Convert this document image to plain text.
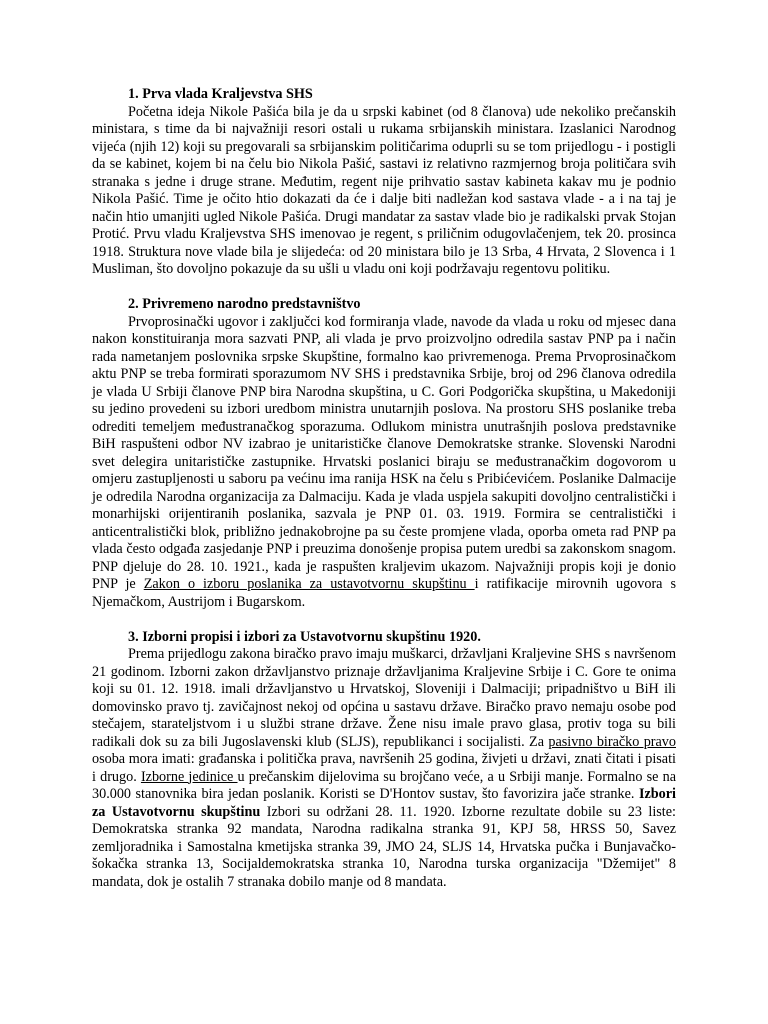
1. Prva vlada Kraljevstva SHS

Početna ideja Nikole Pašića bila je da u srpski kabinet (od 8 članova) ude nekoliko prečanskih ministara, s time da bi najvažniji resori ostali u rukama srbijanskih ministara. Izaslanici Narodnog vijeća (njih 12) koji su pregovarali sa srbijanskim političarima oduprli su se tom prijedlogu - i postigli da se kabinet, kojem bi na čelu bio Nikola Pašić, sastavi iz relativno razmjernog broja političara svih stranaka s jedne i druge strane. Međutim, regent nije prihvatio sastav kabineta kakav mu je podnio Nikola Pašić. Time je očito htio dokazati da će i dalje biti nadležan kod sastava vlade - a i na taj je način htio umanjiti ugled Nikole Pašića. Drugi mandatar za sastav vlade bio je radikalski prvak Stojan Protić. Prvu vladu Kraljevstva SHS imenovao je regent, s priličnim odugovlačenjem, tek 20. prosinca 1918. Struktura nove vlade bila je slijedeća: od 20 ministara bilo je 13 Srba, 4 Hrvata, 2 Slovenca i 1 Musliman, što dovoljno pokazuje da su ušli u vladu oni koji podržavaju regentovu politiku.

2. Privremeno narodno predstavništvo

Prvoprosinački ugovor i zaključci kod formiranja vlade, navode da vlada u roku od mjesec dana nakon konstituiranja mora sazvati PNP, ali vlada je prvo proizvoljno odredila sastav PNP pa i način rada nametanjem poslovnika srpske Skupštine, formalno kao privremenoga. Prema Prvoprosinačkom aktu PNP se treba formirati sporazumom NV SHS i predstavnika Srbije, broj od 296 članova odredila je vlada U Srbiji članove PNP bira Narodna skupština, u C. Gori Podgorička skupština, u Makedoniji su jedino provedeni su izbori uredbom ministra unutarnjih poslova. Na prostoru SHS poslanike treba odrediti temeljem međustranačkog sporazuma. Odlukom ministra unutrašnjih poslova predstavnike BiH raspušteni odbor NV izabrao je unitarističke članove Demokratske stranke. Slovenski Narodni svet delegira unitarističke zastupnike. Hrvatski poslanici biraju se međustranačkim dogovorom u omjeru zastupljenosti u saboru pa većinu ima ranija HSK na čelu s Pribićevićem. Poslanike Dalmacije je odredila Narodna organizacija za Dalmaciju. Kada je vlada uspjela sakupiti dovoljno centralistički i monarhijski orijentiranih poslanika, sazvala je PNP 01. 03. 1919. Formira se centralistički i anticentralistički blok, približno jednakobrojne pa su česte promjene vlada, oporba ometa rad PNP pa vlada često odgađa zasjedanje PNP i preuzima donošenje propisa putem uredbi sa zakonskom snagom. PNP djeluje do 28. 10. 1921., kada je raspušten kraljevim ukazom. Najvažniji propis koji je donio PNP je Zakon o izboru poslanika za ustavotvornu skupštinu i ratifikacije mirovnih ugovora s Njemačkom, Austrijom i Bugarskom.

3. Izborni propisi i izbori za Ustavotvornu skupštinu 1920.

Prema prijedlogu zakona biračko pravo imaju muškarci, državljani Kraljevine SHS s navršenom 21 godinom. Izborni zakon državljanstvo priznaje državljanima Kraljevine Srbije i C. Gore te onima koji su 01. 12. 1918. imali državljanstvo u Hrvatskoj, Sloveniji i Dalmaciji; pripadništvo u BiH ili domovinsko pravo tj. zavičajnost nekoj od općina u sastavu države. Biračko pravo nemaju osobe pod stečajem, starateljstvom i u službi strane države. Žene nisu imale pravo glasa, protiv toga su bili radikali dok su za bili Jugoslavenski klub (SLJS), republikanci i socijalisti. Za pasivno biračko pravo osoba mora imati: građanska i politička prava, navršenih 25 godina, živjeti u državi, znati čitati i pisati i drugo. Izborne jedinice u prečanskim dijelovima su brojčano veće, a u Srbiji manje. Formalno se na 30.000 stanovnika bira jedan poslanik. Koristi se D'Hontov sustav, što favorizira jače stranke. Izbori za Ustavotvornu skupštinu Izbori su održani 28. 11. 1920. Izborne rezultate dobile su 23 liste: Demokratska stranka 92 mandata, Narodna radikalna stranka 91, KPJ 58, HRSS 50, Savez zemljoradnika i Samostalna kmetijska stranka 39, JMO 24, SLJS 14, Hrvatska pučka i Bunjavačko-šokačka stranka 13, Socijaldemokratska stranka 10, Narodna turska organizacija "Džemijet" 8 mandata, dok je ostalih 7 stranaka dobilo manje od 8 mandata.
